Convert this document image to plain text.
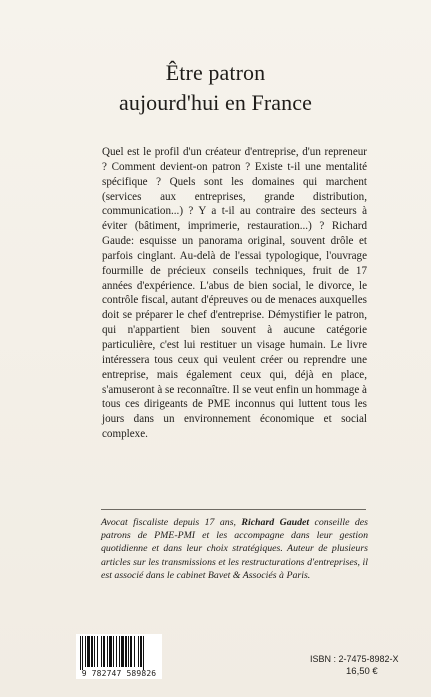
Être patron
aujourd'hui en France

Quel est le profil d'un créateur d'entreprise, d'un repreneur ? Comment devient-on patron ? Existe t-il une mentalité spécifique ? Quels sont les domaines qui marchent (services aux entreprises, grande distribution, communication...) ? Y a t-il au contraire des secteurs à éviter (bâtiment, imprimerie, restauration...) ? Richard Gaude: esquisse un panorama original, souvent drôle et parfois cinglant. Au-delà de l'essai typologique, l'ouvrage fourmille de précieux conseils techniques, fruit de 17 années d'expérience. L'abus de bien social, le divorce, le contrôle fiscal, autant d'épreuves ou de menaces auxquelles doit se préparer le chef d'entreprise. Démystifier le patron, qui n'appartient bien souvent à aucune catégorie particulière, c'est lui restituer un visage humain. Le livre intéressera tous ceux qui veulent créer ou reprendre une entreprise, mais également ceux qui, déjà en place, s'amuseront à se reconnaître. Il se veut enfin un hommage à tous ces dirigeants de PME inconnus qui luttent tous les jours dans un environnement économique et social complexe.

Avocat fiscaliste depuis 17 ans, Richard Gaudet conseille des patrons de PME-PMI et les accompagne dans leur gestion quotidienne et dans leur choix stratégiques. Auteur de plusieurs articles sur les transmissions et les restructurations d'entreprises, il est associé dans le cabinet Bavet & Associés à Paris.

9 782747 589826
ISBN : 2-7475-8982-X
16,50 €
